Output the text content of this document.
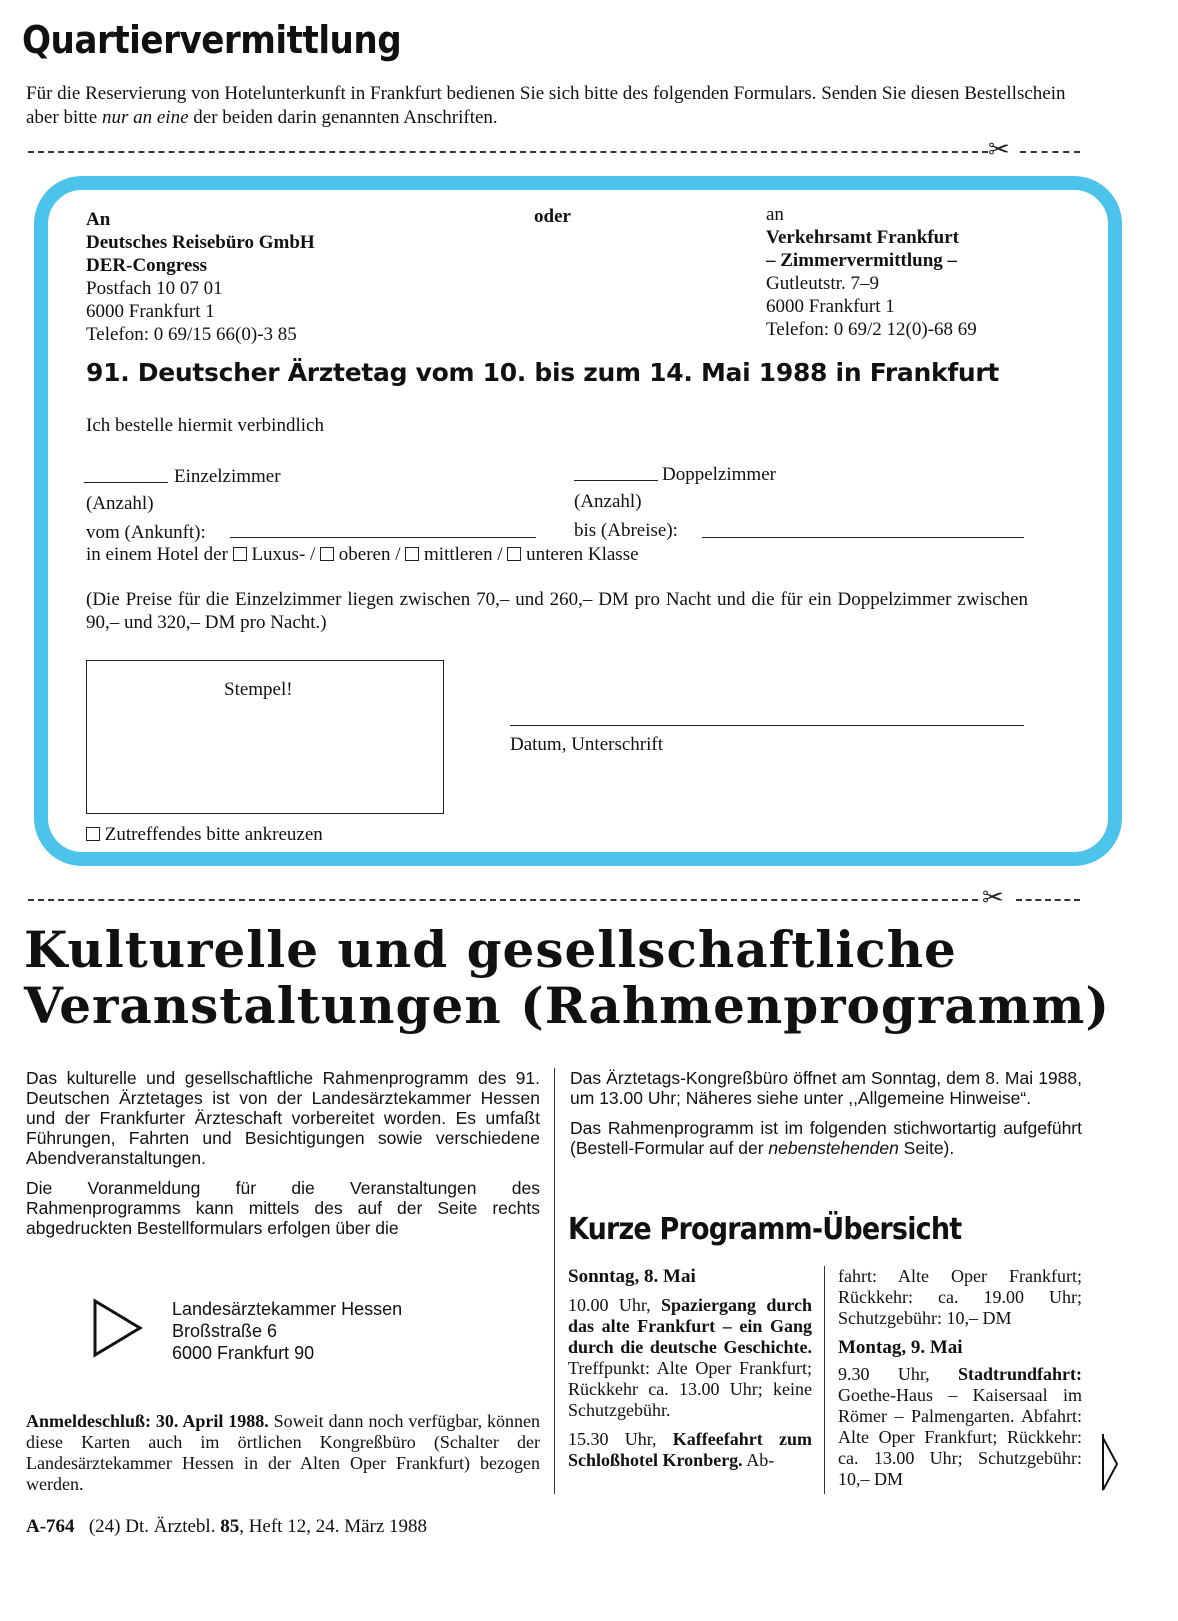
Quartiervermittlung
Für die Reservierung von Hotelunterkunft in Frankfurt bedienen Sie sich bitte des folgenden Formulars. Senden Sie diesen Bestellschein aber bitte nur an eine der beiden darin genannten Anschriften.
✂
An
Deutsches Reisebüro GmbH
DER-Congress
Postfach 10 07 01
6000 Frankfurt 1
Telefon: 0 69/15 66(0)-3 85
oder	an
Verkehrsamt Frankfurt
– Zimmervermittlung –
Gutleutstr. 7–9
6000 Frankfurt 1
Telefon: 0 69/2 12(0)-68 69
91. Deutscher Ärztetag vom 10. bis zum 14. Mai 1988 in Frankfurt
Ich bestelle hiermit verbindlich
Einzelzimmer
(Anzahl)
Doppelzimmer
(Anzahl)
vom (Ankunft):	bis (Abreise):
in einem Hotel der Luxus- / oberen / mittleren / unteren Klasse
(Die Preise für die Einzelzimmer liegen zwischen 70,– und 260,– DM pro Nacht und die für ein Doppelzimmer zwischen 90,– und 320,– DM pro Nacht.)
Stempel!
Datum, Unterschrift
Zutreffendes bitte ankreuzen
✂
Kulturelle und gesellschaftliche
Veranstaltungen (Rahmenprogramm)

Das kulturelle und gesellschaftliche Rahmenprogramm des 91. Deutschen Ärztetages ist von der Landesärztekammer Hessen und der Frankfurter Ärzteschaft vorbereitet worden. Es umfaßt Führungen, Fahrten und Besichtigungen sowie verschiedene Abendveranstaltungen.

Die Voranmeldung für die Veranstaltungen des Rahmenprogramms kann mittels des auf der Seite rechts abgedruckten Bestellformulars erfolgen über die

Landesärztekammer Hessen
Broßstraße 6
6000 Frankfurt 90
Anmeldeschluß: 30. April 1988. Soweit dann noch verfügbar, können diese Karten auch im örtlichen Kongreßbüro (Schalter der Landesärztekammer Hessen in der Alten Oper Frankfurt) bezogen werden.

Das Ärztetags-Kongreßbüro öffnet am Sonntag, dem 8. Mai 1988, um 13.00 Uhr; Näheres siehe unter ,,Allgemeine Hinweise“.

Das Rahmenprogramm ist im folgenden stichwortartig aufgeführt (Bestell-Formular auf der nebenstehenden Seite).

Kurze Programm-Übersicht
Sonntag, 8. Mai
10.00 Uhr, Spaziergang durch das alte Frankfurt – ein Gang durch die deutsche Geschichte. Treffpunkt: Alte Oper Frankfurt; Rückkehr ca. 13.00 Uhr; keine Schutzgebühr.
15.30 Uhr, Kaffeefahrt zum Schloßhotel Kronberg. Ab-
fahrt: Alte Oper Frankfurt; Rückkehr: ca. 19.00 Uhr; Schutzgebühr: 10,– DM
Montag, 9. Mai
9.30 Uhr, Stadtrundfahrt: Goethe-Haus – Kaisersaal im Römer – Palmengarten. Abfahrt: Alte Oper Frankfurt; Rückkehr: ca. 13.00 Uhr; Schutzgebühr: 10,– DM
A-764 (24) Dt. Ärztebl. 85, Heft 12, 24. März 1988
